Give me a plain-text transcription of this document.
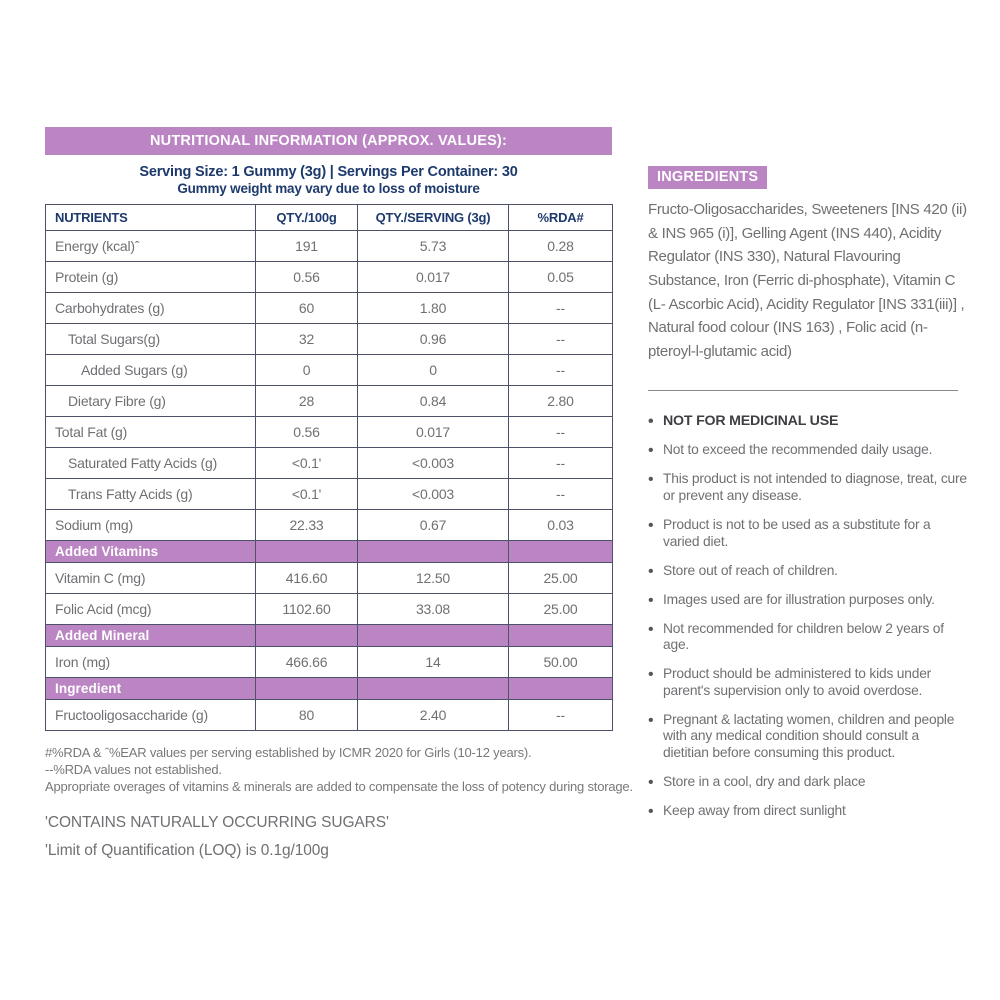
NUTRITIONAL INFORMATION (APPROX. VALUES):
Serving Size: 1 Gummy (3g) | Servings Per Container: 30
Gummy weight may vary due to loss of moisture
NUTRIENTS	QTY./100g	QTY./SERVING (3g)	%RDA#
Energy (kcal)ˆ	191	5.73	0.28
Protein (g)	0.56	0.017	0.05
Carbohydrates (g)	60	1.80	--
Total Sugars(g)	32	0.96	--
Added Sugars (g)	0	0	--
Dietary Fibre (g)	28	0.84	2.80
Total Fat (g)	0.56	0.017	--
Saturated Fatty Acids (g)	<0.1'	<0.003	--
Trans Fatty Acids (g)	<0.1'	<0.003	--
Sodium (mg)	22.33	0.67	0.03
Added Vitamins			
Vitamin C (mg)	416.60	12.50	25.00
Folic Acid (mcg)	1102.60	33.08	25.00
Added Mineral			
Iron (mg)	466.66	14	50.00
Ingredient			
Fructooligosaccharide (g)	80	2.40	--
#%RDA & ˆ%EAR values per serving established by ICMR 2020 for Girls (10-12 years).
--%RDA values not established.
Appropriate overages of vitamins & minerals are added to compensate the loss of potency during storage.
'CONTAINS NATURALLY OCCURRING SUGARS'
'Limit of Quantification (LOQ) is 0.1g/100g
INGREDIENTS
Fructo-Oligosaccharides, Sweeteners [INS 420 (ii) & INS 965 (i)], Gelling Agent (INS 440), Acidity Regulator (INS 330), Natural Flavouring Substance, Iron (Ferric di-phosphate), Vitamin C (L- Ascorbic Acid), Acidity Regulator [INS 331(iii)] , Natural food colour (INS 163) , Folic acid (n- pteroyl-l-glutamic acid)
• NOT FOR MEDICINAL USE
• Not to exceed the recommended daily usage.
• This product is not intended to diagnose, treat, cure or prevent any disease.
• Product is not to be used as a substitute for a varied diet.
• Store out of reach of children.
• Images used are for illustration purposes only.
• Not recommended for children below 2 years of age.
• Product should be administered to kids under parent's supervision only to avoid overdose.
• Pregnant & lactating women, children and people with any medical condition should consult a dietitian before consuming this product.
• Store in a cool, dry and dark place
• Keep away from direct sunlight
